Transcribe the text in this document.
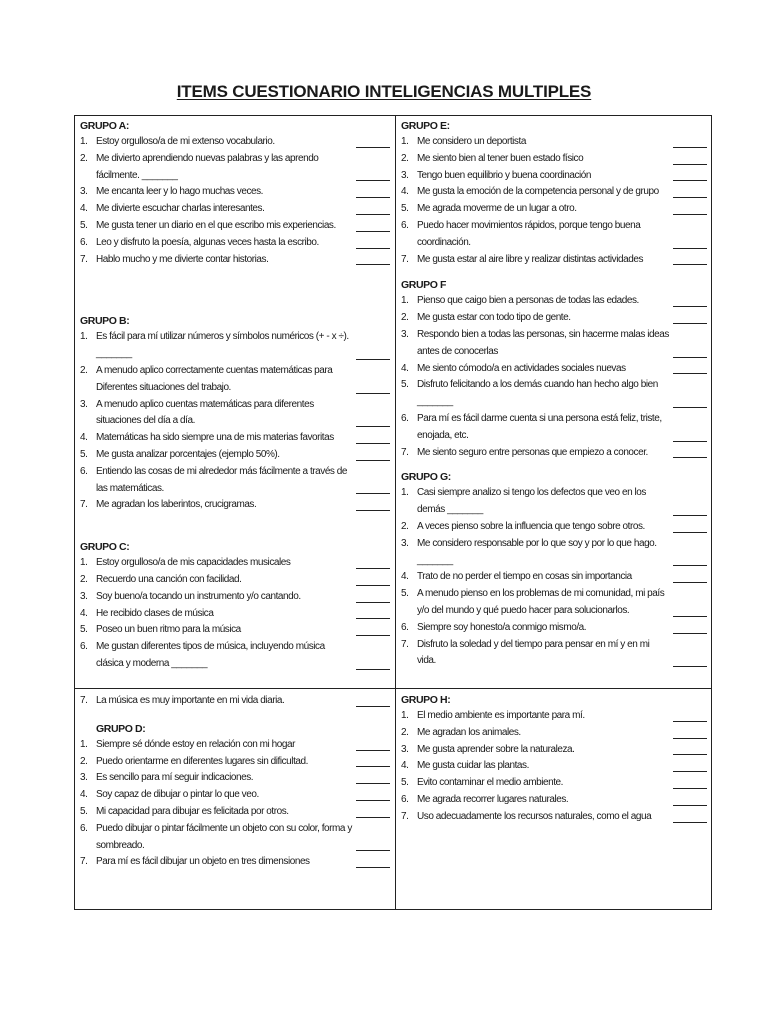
ITEMS CUESTIONARIO INTELIGENCIAS MULTIPLES
GRUPO A:
1. Estoy orgulloso/a de mi extenso vocabulario.
2. Me divierto aprendiendo nuevas palabras y las aprendo fácilmente. _______
3. Me encanta leer y lo hago muchas veces.
4. Me divierte escuchar charlas interesantes.
5. Me gusta tener un diario en el que escribo mis experiencias.
6. Leo y disfruto la poesía, algunas veces hasta la escribo.
7. Hablo mucho y me divierte contar historias.
GRUPO B:
1. Es fácil para mí utilizar números y símbolos numéricos (+ - x ÷). _______
2. A menudo aplico correctamente cuentas matemáticas para Diferentes situaciones del trabajo.
3. A menudo aplico cuentas matemáticas para diferentes situaciones del día a día.
4. Matemáticas ha sido siempre una de mis materias favoritas
5. Me gusta analizar porcentajes (ejemplo 50%).
6. Entiendo las cosas de mi alrededor más fácilmente a través de las matemáticas.
7. Me agradan los laberintos, crucigramas.
GRUPO C:
1. Estoy orgulloso/a de mis capacidades musicales
2. Recuerdo una canción con facilidad.
3. Soy bueno/a tocando un instrumento y/o cantando.
4. He recibido clases de música
5. Poseo un buen ritmo para la música
6. Me gustan diferentes tipos de música, incluyendo música clásica y moderna _______
GRUPO E:
1. Me considero un deportista
2. Me siento bien al tener buen estado físico
3. Tengo buen equilibrio y buena coordinación
4. Me gusta la emoción de la competencia personal y de grupo
5. Me agrada moverme de un lugar a otro.
6. Puedo hacer movimientos rápidos, porque tengo buena coordinación.
7. Me gusta estar al aire libre y realizar distintas actividades
GRUPO F
1. Pienso que caigo bien a personas de todas las edades.
2. Me gusta estar con todo tipo de gente.
3. Respondo bien a todas las personas, sin hacerme malas ideas antes de conocerlas
4. Me siento cómodo/a en actividades sociales nuevas
5. Disfruto felicitando a los demás cuando han hecho algo bien _______
6. Para mí es fácil darme cuenta si una persona está feliz, triste, enojada, etc.
7. Me siento seguro entre personas que empiezo a conocer.
GRUPO G:
1. Casi siempre analizo si tengo los defectos que veo en los demás _______
2. A veces pienso sobre la influencia que tengo sobre otros.
3. Me considero responsable por lo que soy y por lo que hago. _______
4. Trato de no perder el tiempo en cosas sin importancia
5. A menudo pienso en los problemas de mi comunidad, mi país y/o del mundo y qué puedo hacer para solucionarlos.
6. Siempre soy honesto/a conmigo mismo/a.
7. Disfruto la soledad y del tiempo para pensar en mí y en mi vida.
7. La música es muy importante en mi vida diaria.
GRUPO D:
1. Siempre sé dónde estoy en relación con mi hogar
2. Puedo orientarme en diferentes lugares sin dificultad.
3. Es sencillo para mí seguir indicaciones.
4. Soy capaz de dibujar o pintar lo que veo.
5. Mi capacidad para dibujar es felicitada por otros.
6. Puedo dibujar o pintar fácilmente un objeto con su color, forma y sombreado.
7. Para mí es fácil dibujar un objeto en tres dimensiones
GRUPO H:
1. El medio ambiente es importante para mí.
2. Me agradan los animales.
3. Me gusta aprender sobre la naturaleza.
4. Me gusta cuidar las plantas.
5. Evito contaminar el medio ambiente.
6. Me agrada recorrer lugares naturales.
7. Uso adecuadamente los recursos naturales, como el agua
